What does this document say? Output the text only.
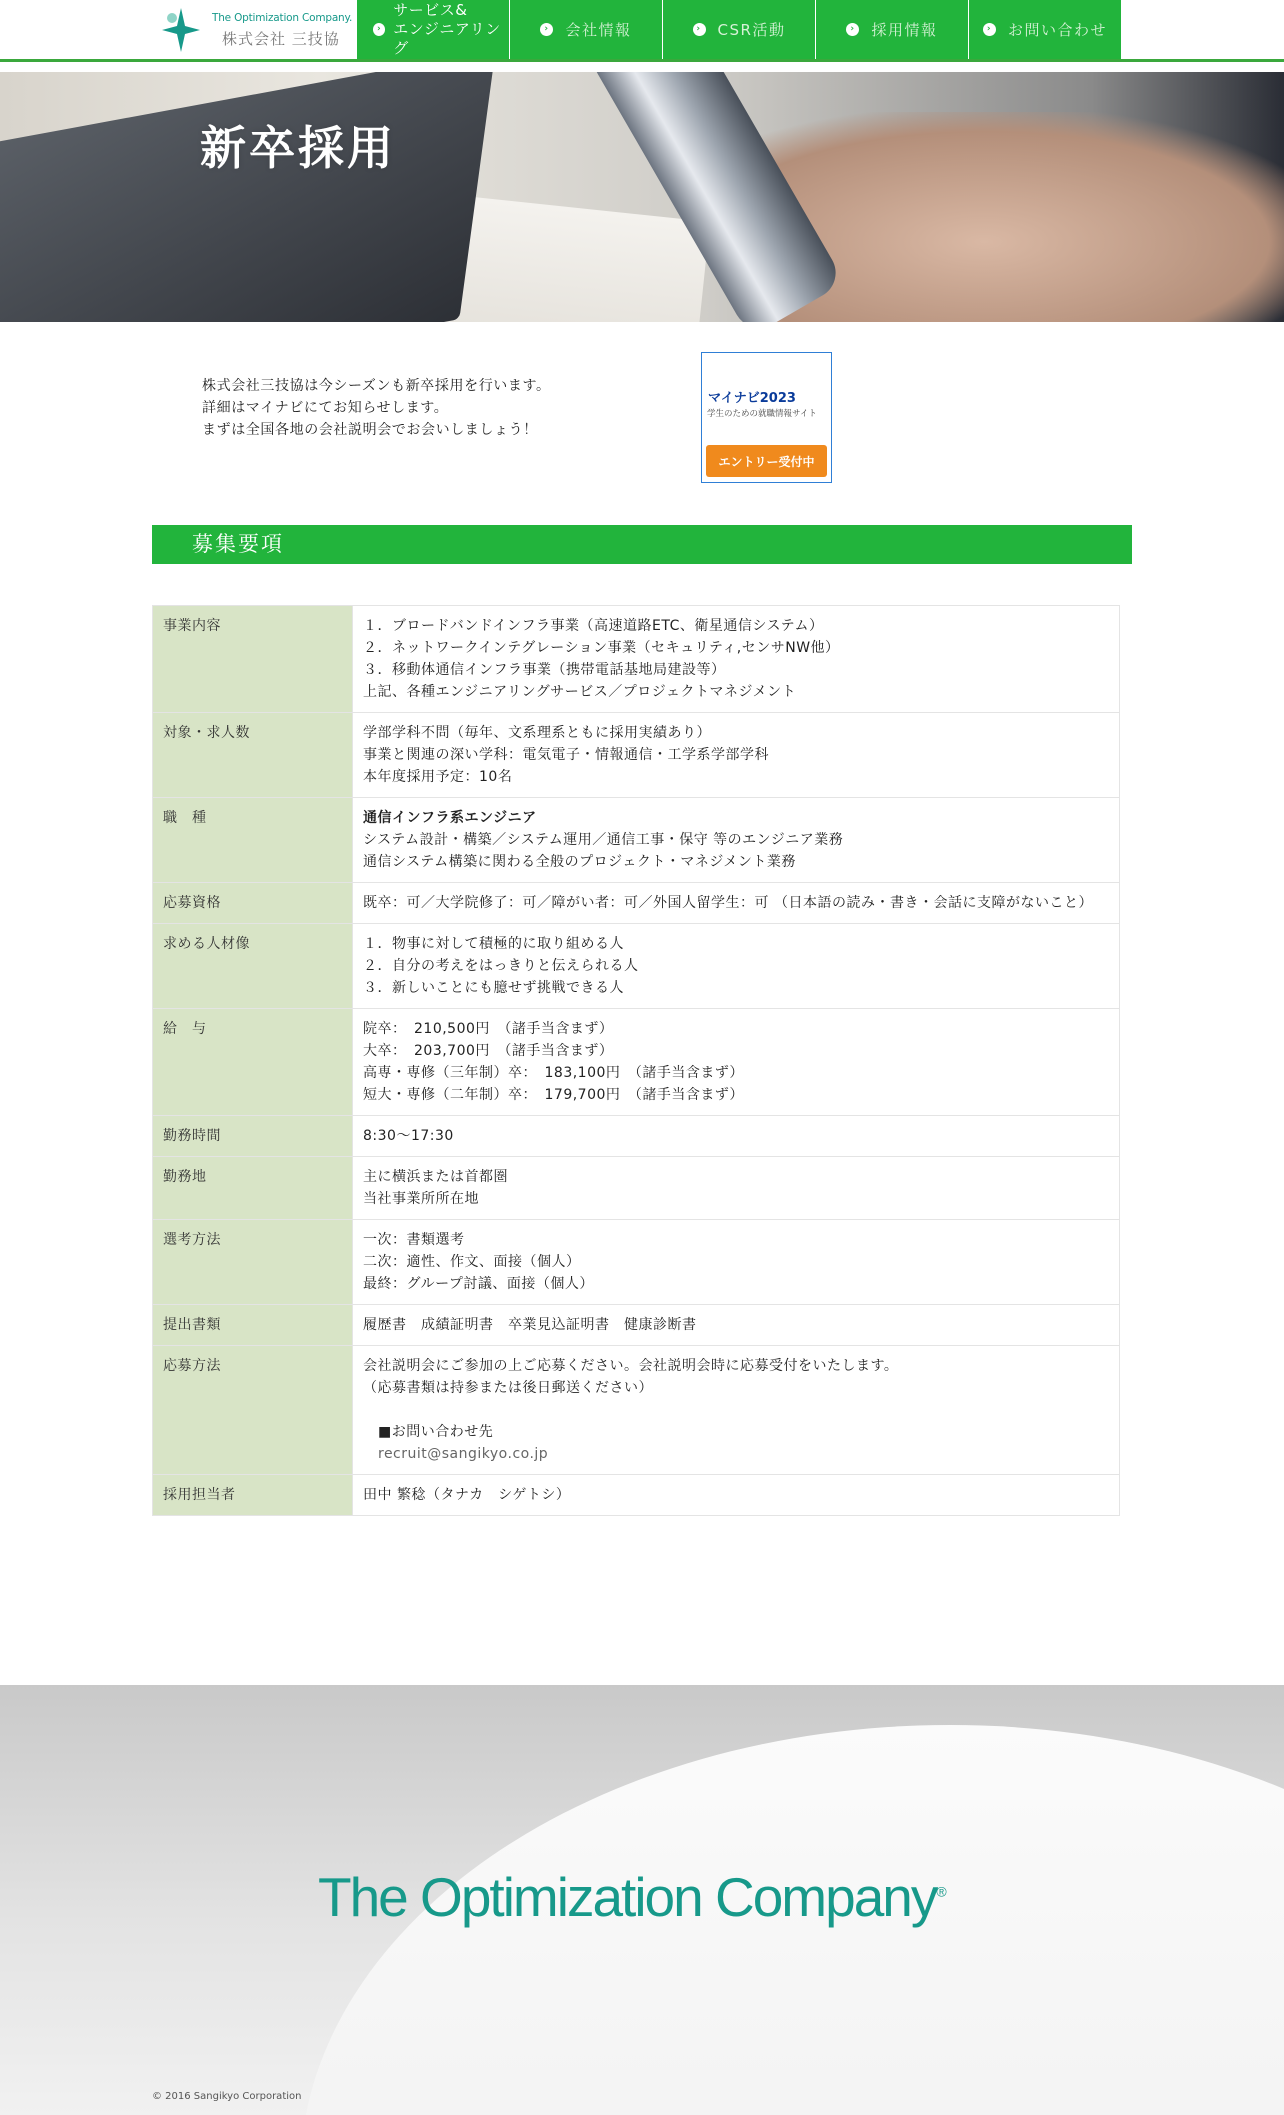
The Optimization Company.
株式会社 三技協
›
サービス&
エンジニアリング
› 会社情報	› CSR活動	› 採用情報	› お問い合わせ
新卒採用
株式会社三技協は今シーズンも新卒採用を行います。
詳細はマイナビにてお知らせします。
まずは全国各地の会社説明会でお会いしましょう！
マイナビ2023
学生のための就職情報サイト
エントリー受付中
募集要項
事業内容	１．ブロードバンドインフラ事業（高速道路ETC、衛星通信システム）
２．ネットワークインテグレーション事業（セキュリティ,センサNW他）
３．移動体通信インフラ事業（携帯電話基地局建設等）
上記、各種エンジニアリングサービス／プロジェクトマネジメント

対象・求人数	学部学科不問（毎年、文系理系ともに採用実績あり）
事業と関連の深い学科：電気電子・情報通信・工学系学部学科
本年度採用予定：10名

職　種	通信インフラ系エンジニア
システム設計・構築／システム運用／通信工事・保守 等のエンジニア業務
通信システム構築に関わる全般のプロジェクト・マネジメント業務

応募資格	既卒：可／大学院修了：可／障がい者：可／外国人留学生：可 （日本語の読み・書き・会話に支障がないこと）

求める人材像	１．物事に対して積極的に取り組める人
２．自分の考えをはっきりと伝えられる人
３．新しいことにも臆せず挑戦できる人

給　与	院卒：　210,500円　（諸手当含まず）
大卒：　203,700円　（諸手当含まず）
高専・専修（三年制）卒：　183,100円　（諸手当含まず）
短大・専修（二年制）卒：　179,700円　（諸手当含まず）

勤務時間	8:30～17:30

勤務地	主に横浜または首都圏
当社事業所所在地

選考方法	一次：書類選考
二次：適性、作文、面接（個人）
最終：グループ討議、面接（個人）

提出書類	履歴書　成績証明書　卒業見込証明書　健康診断書

応募方法	会社説明会にご参加の上ご応募ください。会社説明会時に応募受付をいたします。
（応募書類は持参または後日郵送ください）
■お問い合わせ先
recruit@sangikyo.co.jp

採用担当者	田中 繁稔（タナカ　シゲトシ）
The Optimization Company®
© 2016 Sangikyo Corporation
